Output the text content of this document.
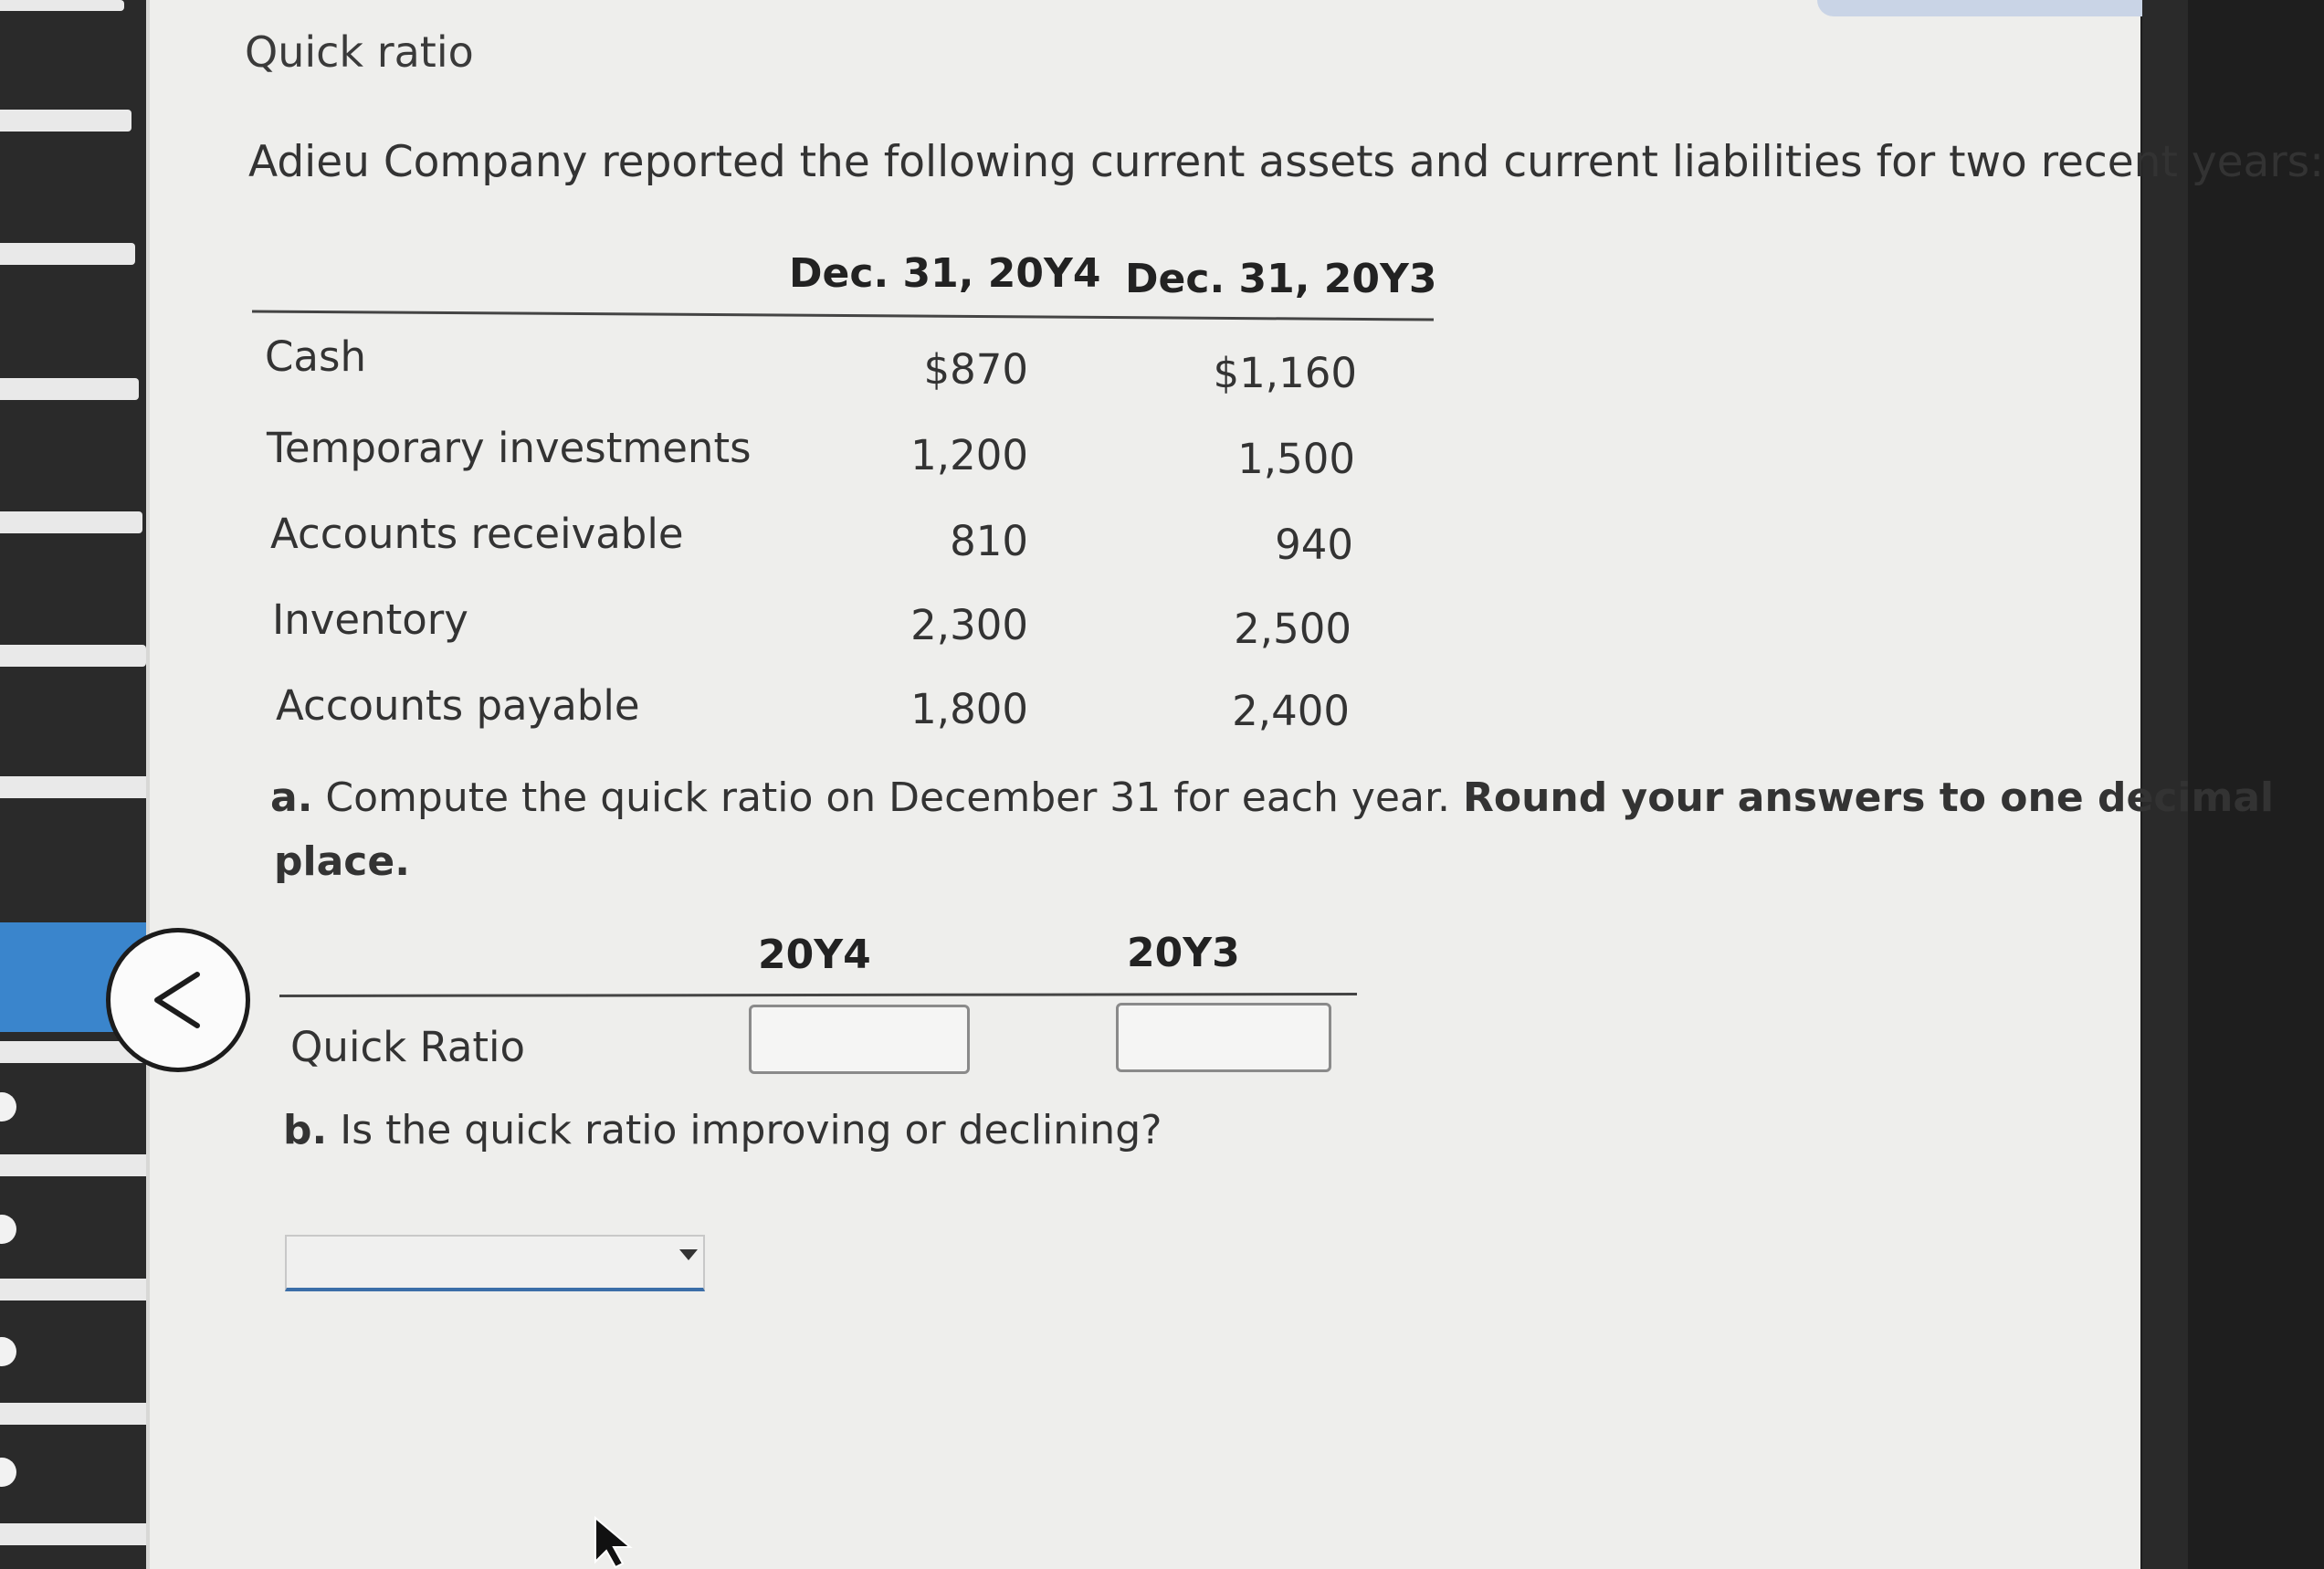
Quick ratio
Adieu Company reported the following current assets and current liabilities for two recent years:
Dec. 31, 20Y4 Dec. 31, 20Y3
Cash	$870	$1,160
Temporary investments	1,200	1,500
Accounts receivable	810	940
Inventory	2,300	2,500
Accounts payable	1,800	2,400
a. Compute the quick ratio on December 31 for each year. Round your answers to one decimal
place.
20Y4	20Y3
Quick Ratio
b. Is the quick ratio improving or declining?
